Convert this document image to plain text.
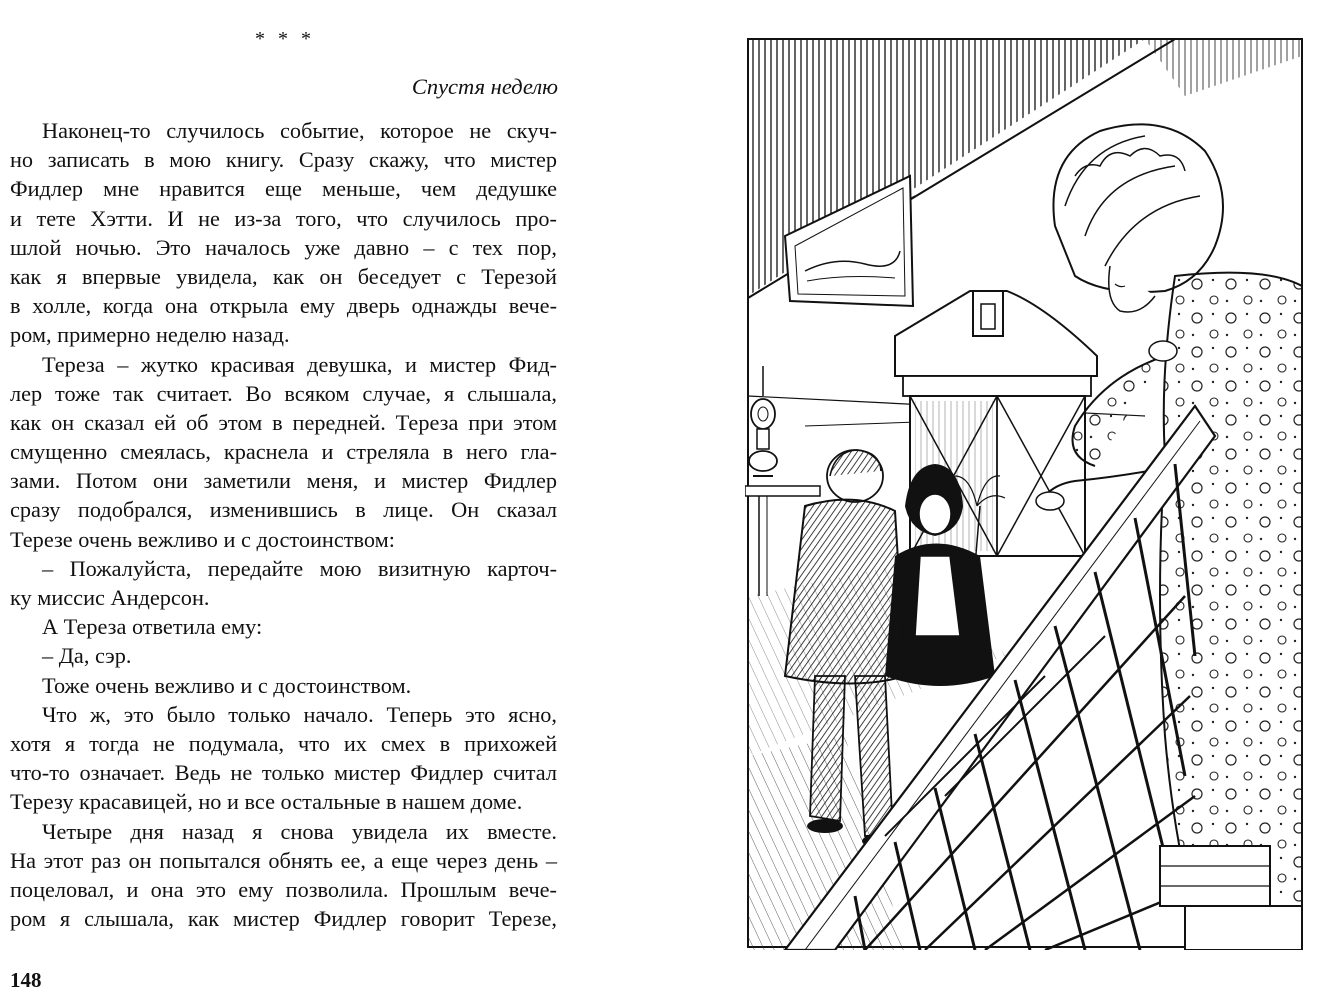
* * *
Спустя неделю
Наконец-то случилось событие, которое не скуч-
но записать в мою книгу. Сразу скажу, что мистер
Фидлер мне нравится еще меньше, чем дедушке
и тете Хэтти. И не из-за того, что случилось про-
шлой ночью. Это началось уже давно – с тех пор,
как я впервые увидела, как он беседует с Терезой
в холле, когда она открыла ему дверь однажды вече-
ром, примерно неделю назад.
Тереза – жутко красивая девушка, и мистер Фид-
лер тоже так считает. Во всяком случае, я слышала,
как он сказал ей об этом в передней. Тереза при этом
смущенно смеялась, краснела и стреляла в него гла-
зами. Потом они заметили меня, и мистер Фидлер
сразу подобрался, изменившись в лице. Он сказал
Терезе очень вежливо и с достоинством:
– Пожалуйста, передайте мою визитную карточ-
ку миссис Андерсон.
А Тереза ответила ему:
– Да, сэр.
Тоже очень вежливо и с достоинством.
Что ж, это было только начало. Теперь это ясно,
хотя я тогда не подумала, что их смех в прихожей
что-то означает. Ведь не только мистер Фидлер считал
Терезу красавицей, но и все остальные в нашем доме.
Четыре дня назад я снова увидела их вместе.
На этот раз он попытался обнять ее, а еще через день –
поцеловал, и она это ему позволила. Прошлым вече-
ром я слышала, как мистер Фидлер говорит Терезе,
148
